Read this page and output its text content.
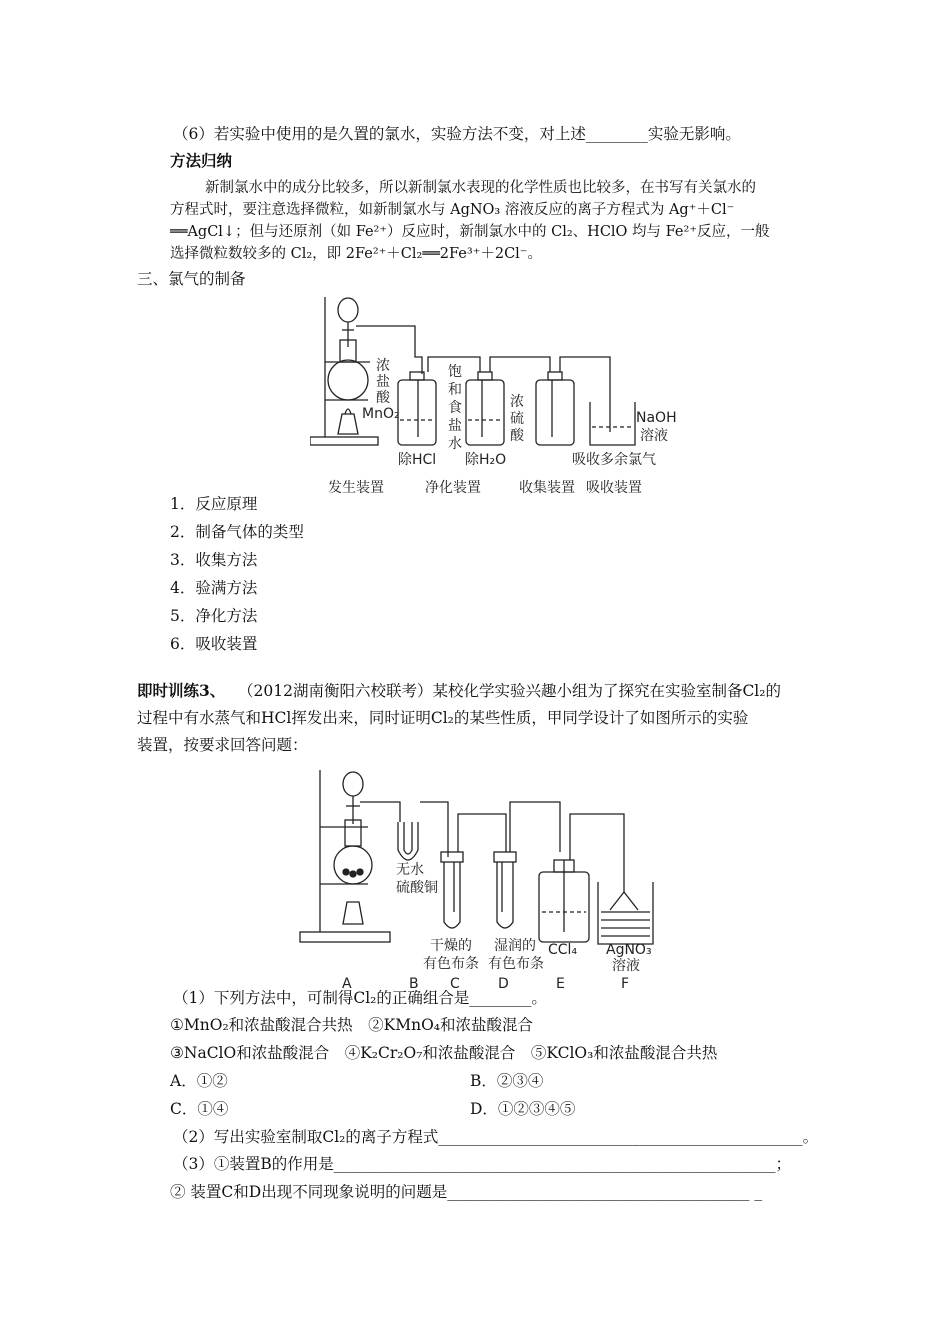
（6）若实验中使用的是久置的氯水，实验方法不变，对上述________实验无影响。
方法归纳
新制氯水中的成分比较多，所以新制氯水表现的化学性质也比较多，在书写有关氯水的
方程式时，要注意选择微粒，如新制氯水与 AgNO₃ 溶液反应的离子方程式为 Ag⁺＋Cl⁻
══AgCl↓；但与还原剂（如 Fe²⁺）反应时，新制氯水中的 Cl₂、HClO 均与 Fe²⁺反应，一般
选择微粒数较多的 Cl₂，即 2Fe²⁺＋Cl₂══2Fe³⁺＋2Cl⁻。
三、氯气的制备
浓
盐
酸
MnO₂
饱
和
食
盐
水
浓
硫
酸
NaOH
溶液
除HCl 除H₂O	吸收多余氯气
发生装置	净化装置	收集装置 吸收装置
1．反应原理
2．制备气体的类型
3．收集方法
4．验满方法
5．净化方法
6．吸收装置
即时训练3、 （2012湖南衡阳六校联考）某校化学实验兴趣小组为了探究在实验室制备Cl₂的
过程中有水蒸气和HCl挥发出来，同时证明Cl₂的某些性质，甲同学设计了如图所示的实验
装置，按要求回答问题：
无水
硫酸铜
干燥的 湿润的
有色布条 有色布条
CCl₄ AgNO₃
溶液
A	B C	D	E	F
（1）下列方法中，可制得Cl₂的正确组合是________。
①MnO₂和浓盐酸混合共热　②KMnO₄和浓盐酸混合
③NaClO和浓盐酸混合　④K₂Cr₂O₇和浓盐酸混合　⑤KClO₃和浓盐酸混合共热
A．①②	B．②③④
C．①④	D．①②③④⑤
（2）写出实验室制取Cl₂的离子方程式_______________________________________________。
（3）①装置B的作用是_________________________________________________________；
② 装置C和D出现不同现象说明的问题是_______________________________________ _
